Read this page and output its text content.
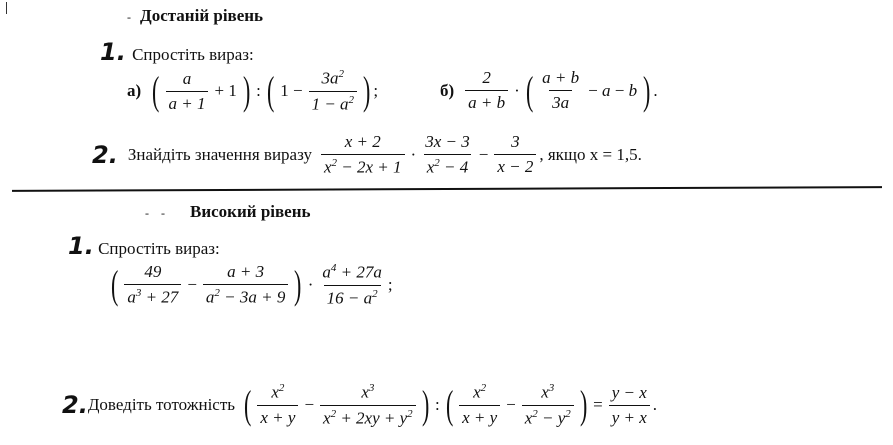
- Достаній рівень
1. Спростіть вираз:
а) ( $\frac{a}{a + 1} + 1$ ) : ( $1 - \frac{3a^2}{1 - a^2}$ ) ;	$б) \frac{2}{a + b}$ · ( $\frac{a + b}{3a} - a - b$ ) .
2. Знайдіть значення виразу $\frac{x + 2}{x^2 - 2x + 1} \cdot \frac{3x - 3}{x^2 - 4} - \frac{3}{x - 2}$ , якщо x = 1,5.
-    - Високий рівень
1. Спростіть вираз:
( $\frac{49}{a^3 + 27} - \frac{a + 3}{a^2 - 3a + 9}$ ) · $\frac{a^4 + 27a}{16 - a^2}$ ;
2. Доведіть тотожність ( $\frac{x^2}{x + y} - \frac{x^3}{x^2 + 2xy + y^2}$ ) : ( $\frac{x^2}{x + y} - \frac{x^3}{x^2 - y^2}$ ) = $\frac{y - x}{y + x}$ .
